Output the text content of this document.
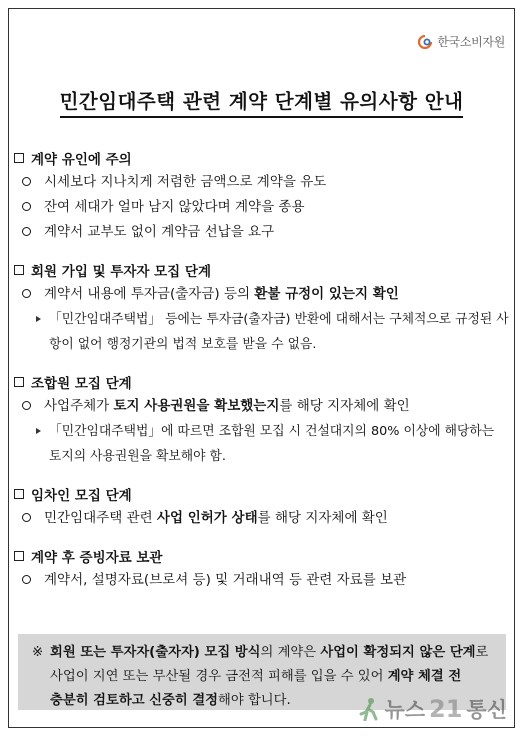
한국소비자원
민간임대주택 관련 계약 단계별 유의사항 안내
계약 유인에 주의
시세보다 지나치게 저렴한 금액으로 계약을 유도
잔여 세대가 얼마 남지 않았다며 계약을 종용
계약서 교부도 없이 계약금 선납을 요구
회원 가입 및 투자자 모집 단계
계약서 내용에 투자금(출자금) 등의 환불 규정이 있는지 확인
「민간임대주택법」 등에는 투자금(출자금) 반환에 대해서는 구체적으로 규정된 사항이 없어 행정기관의 법적 보호를 받을 수 없음.
조합원 모집 단계
사업주체가 토지 사용권원을 확보했는지를 해당 지자체에 확인
「민간임대주택법」에 따르면 조합원 모집 시 건설대지의 80% 이상에 해당하는 토지의 사용권원을 확보해야 함.
임차인 모집 단계
민간임대주택 관련 사업 인허가 상태를 해당 지자체에 확인
계약 후 증빙자료 보관
계약서, 설명자료(브로셔 등) 및 거래내역 등 관련 자료를 보관
※ 회원 또는 투자자(출자자) 모집 방식의 계약은 사업이 확정되지 않은 단계로
사업이 지연 또는 무산될 경우 금전적 피해를 입을 수 있어 계약 체결 전
충분히 검토하고 신중히 결정해야 합니다.	뉴스 21 통신
